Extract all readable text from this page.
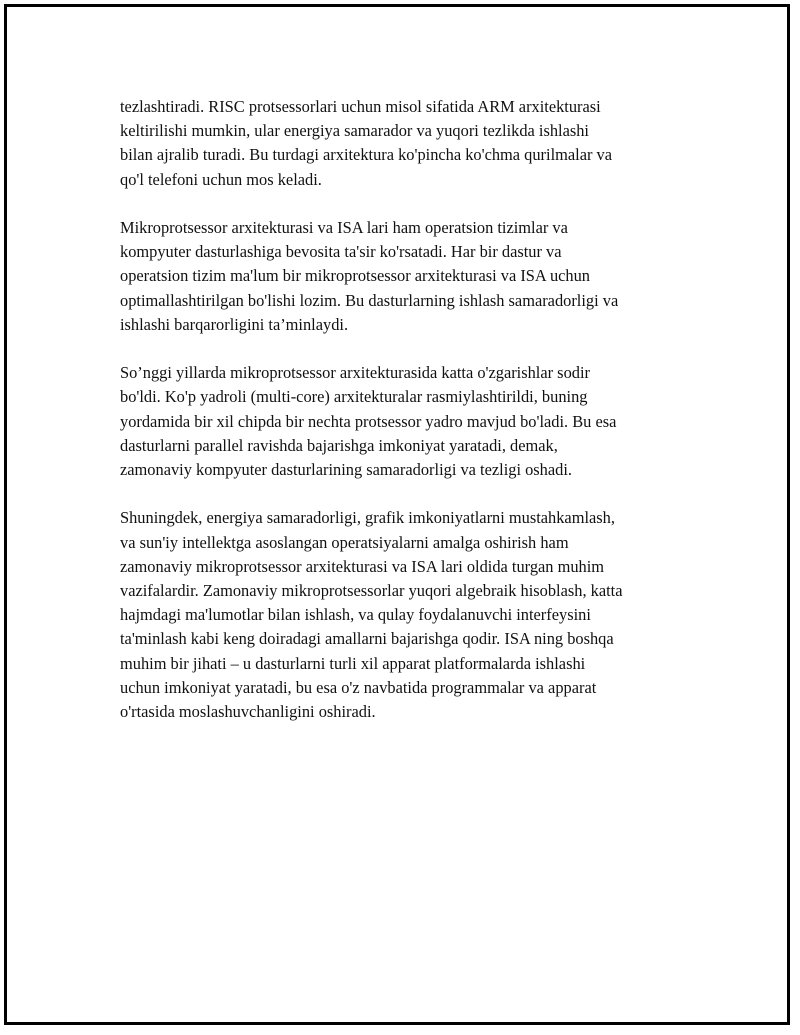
tezlashtiradi. RISC protsessorlari uchun misol sifatida ARM arxitekturasi
keltirilishi mumkin, ular energiya samarador va yuqori tezlikda ishlashi
bilan ajralib turadi. Bu turdagi arxitektura ko'pincha ko'chma qurilmalar va
qo'l telefoni uchun mos keladi.

Mikroprotsessor arxitekturasi va ISA lari ham operatsion tizimlar va
kompyuter dasturlashiga bevosita ta'sir ko'rsatadi. Har bir dastur va
operatsion tizim ma'lum bir mikroprotsessor arxitekturasi va ISA uchun
optimallashtirilgan bo'lishi lozim. Bu dasturlarning ishlash samaradorligi va
ishlashi barqarorligini ta’minlaydi.

So’nggi yillarda mikroprotsessor arxitekturasida katta o'zgarishlar sodir
bo'ldi. Ko'p yadroli (multi-core) arxitekturalar rasmiylashtirildi, buning
yordamida bir xil chipda bir nechta protsessor yadro mavjud bo'ladi. Bu esa
dasturlarni parallel ravishda bajarishga imkoniyat yaratadi, demak,
zamonaviy kompyuter dasturlarining samaradorligi va tezligi oshadi.

Shuningdek, energiya samaradorligi, grafik imkoniyatlarni mustahkamlash,
va sun'iy intellektga asoslangan operatsiyalarni amalga oshirish ham
zamonaviy mikroprotsessor arxitekturasi va ISA lari oldida turgan muhim
vazifalardir. Zamonaviy mikroprotsessorlar yuqori algebraik hisoblash, katta
hajmdagi ma'lumotlar bilan ishlash, va qulay foydalanuvchi interfeysini
ta'minlash kabi keng doiradagi amallarni bajarishga qodir. ISA ning boshqa
muhim bir jihati – u dasturlarni turli xil apparat platformalarda ishlashi
uchun imkoniyat yaratadi, bu esa o'z navbatida programmalar va apparat
o'rtasida moslashuvchanligini oshiradi.
